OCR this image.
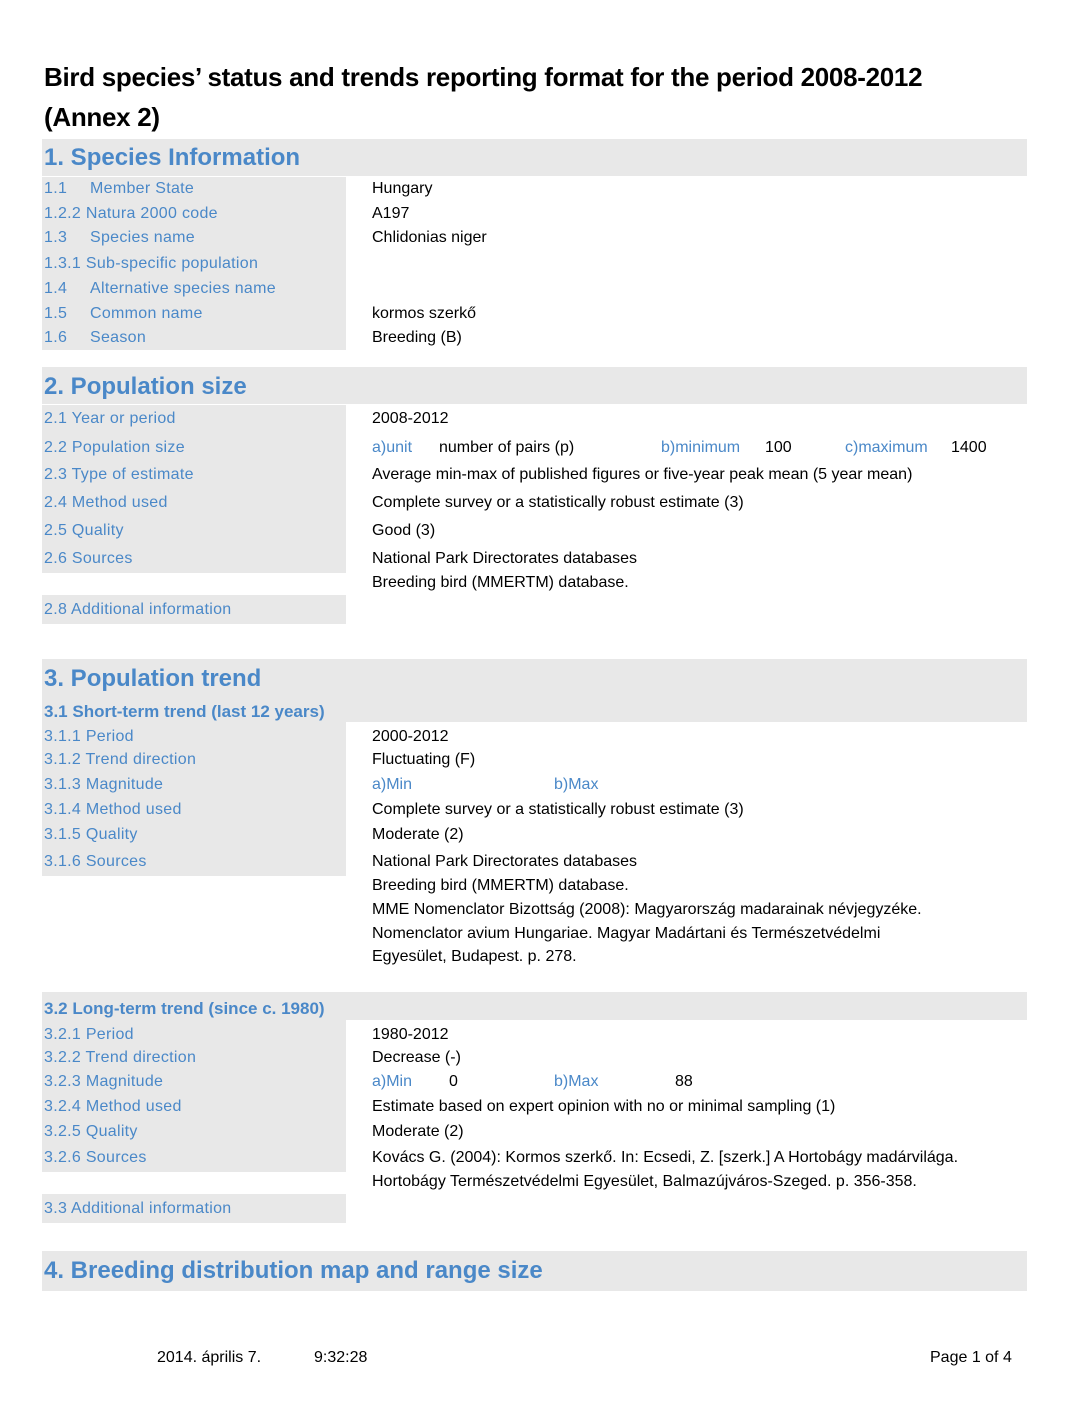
Bird species’ status and trends reporting format for the period 2008-2012
(Annex 2)
1. Species Information
1.1 Member State	Hungary
1.2.2 Natura 2000 code	A197
1.3 Species name	Chlidonias niger
1.3.1 Sub-specific population
1.4 Alternative species name
1.5 Common name	kormos szerkő
1.6 Season	Breeding (B)
2. Population size
2.1 Year or period	2008-2012
2.2 Population size	a)unit number of pairs (p)	b)minimum 100	c)maximum 1400
2.3 Type of estimate	Average min-max of published figures or five-year peak mean (5 year mean)
2.4 Method used	Complete survey or a statistically robust estimate (3)
2.5 Quality	Good (3)
2.6 Sources	National Park Directorates databases
Breeding bird (MMERTM) database.
2.8 Additional information
3. Population trend
3.1 Short-term trend (last 12 years)
3.1.1 Period	2000-2012
3.1.2 Trend direction	Fluctuating (F)
3.1.3 Magnitude	a)Min	b)Max
3.1.4 Method used	Complete survey or a statistically robust estimate (3)
3.1.5 Quality	Moderate (2)
3.1.6 Sources	National Park Directorates databases
Breeding bird (MMERTM) database.
MME Nomenclator Bizottság (2008): Magyarország madarainak névjegyzéke.
Nomenclator avium Hungariae. Magyar Madártani és Természetvédelmi
Egyesület, Budapest. p. 278.
3.2 Long-term trend (since c. 1980)
3.2.1 Period	1980-2012
3.2.2 Trend direction	Decrease (-)
3.2.3 Magnitude	a)Min 0	b)Max	88
3.2.4 Method used	Estimate based on expert opinion with no or minimal sampling (1)
3.2.5 Quality	Moderate (2)
3.2.6 Sources	Kovács G. (2004): Kormos szerkő. In: Ecsedi, Z. [szerk.] A Hortobágy madárvilága.
Hortobágy Természetvédelmi Egyesület, Balmazújváros-Szeged. p. 356-358.
3.3 Additional information
4. Breeding distribution map and range size
2014. április 7.	9:32:28	Page 1 of 4
